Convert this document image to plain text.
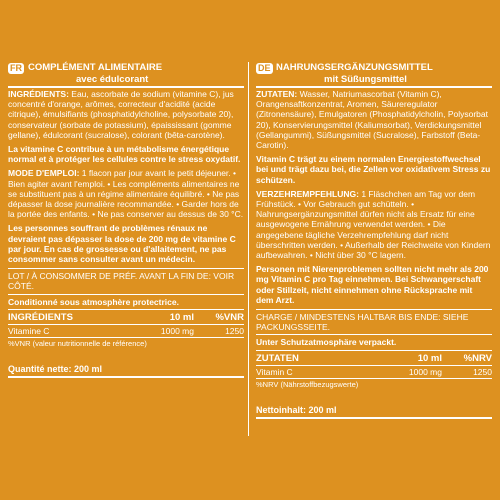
FR COMPLÉMENT ALIMENTAIRE
avec édulcorant

INGRÉDIENTS: Eau, ascorbate de sodium (vitamine C), jus concentré d'orange, arômes, correcteur d'acidité (acide citrique), émulsifiants (phosphatidylcholine, polysorbate 20), conservateur (sorbate de potassium), épaississant (gomme gellane), édulcorant (sucralose), colorant (bêta-carotène).

La vitamine C contribue à un métabolisme énergétique normal et à protéger les cellules contre le stress oxydatif.

MODE D'EMPLOI: 1 flacon par jour avant le petit déjeuner. • Bien agiter avant l'emploi. • Les compléments alimentaires ne se substituent pas à un régime alimentaire équilibré. • Ne pas dépasser la dose journalière recommandée. • Garder hors de la portée des enfants. • Ne pas conserver au dessus de 30 °C.

Les personnes souffrant de problèmes rénaux ne devraient pas dépasser la dose de 200 mg de vitamine C par jour. En cas de grossesse ou d'allaitement, ne pas consommer sans consulter avant un médecin.

LOT / À CONSOMMER DE PRÉF. AVANT LA FIN DE: VOIR CÔTÉ.

Conditionné sous atmosphère protectrice.

INGRÉDIENTS	10 ml	%VNR
Vitamine C	1000 mg	1250
%VNR (valeur nutritionnelle de référence)
Quantité nette: 200 ml
DE NAHRUNGSERGÄNZUNGSMITTEL
mit Süßungsmittel

ZUTATEN: Wasser, Natriumascorbat (Vitamin C), Orangensaftkonzentrat, Aromen, Säureregulator (Zitronensäure), Emulgatoren (Phosphatidylcholin, Polysorbat 20), Konservierungsmittel (Kaliumsorbat), Verdickungsmittel (Gellangummi), Süßungsmittel (Sucralose), Farbstoff (Beta-Carotin).

Vitamin C trägt zu einem normalen Energiestoffwechsel bei und trägt dazu bei, die Zellen vor oxidativem Stress zu schützen.

VERZEHREMPFEHLUNG: 1 Fläschchen am Tag vor dem Frühstück. • Vor Gebrauch gut schütteln. • Nahrungsergänzungsmittel dürfen nicht als Ersatz für eine ausgewogene Ernährung verwendet werden. • Die angegebene tägliche Verzehrempfehlung darf nicht überschritten werden. • Außerhalb der Reichweite von Kindern aufbewahren. • Nicht über 30 °C lagern.

Personen mit Nierenproblemen sollten nicht mehr als 200 mg Vitamin C pro Tag einnehmen. Bei Schwangerschaft oder Stillzeit, nicht einnehmen ohne Rücksprache mit dem Arzt.

CHARGE / MINDESTENS HALTBAR BIS ENDE: SIEHE PACKUNGSSEITE.

Unter Schutzatmosphäre verpackt.

ZUTATEN	10 ml	%NRV
Vitamin C	1000 mg	1250
%NRV (Nährstoffbezugswerte)
Nettoinhalt: 200 ml
